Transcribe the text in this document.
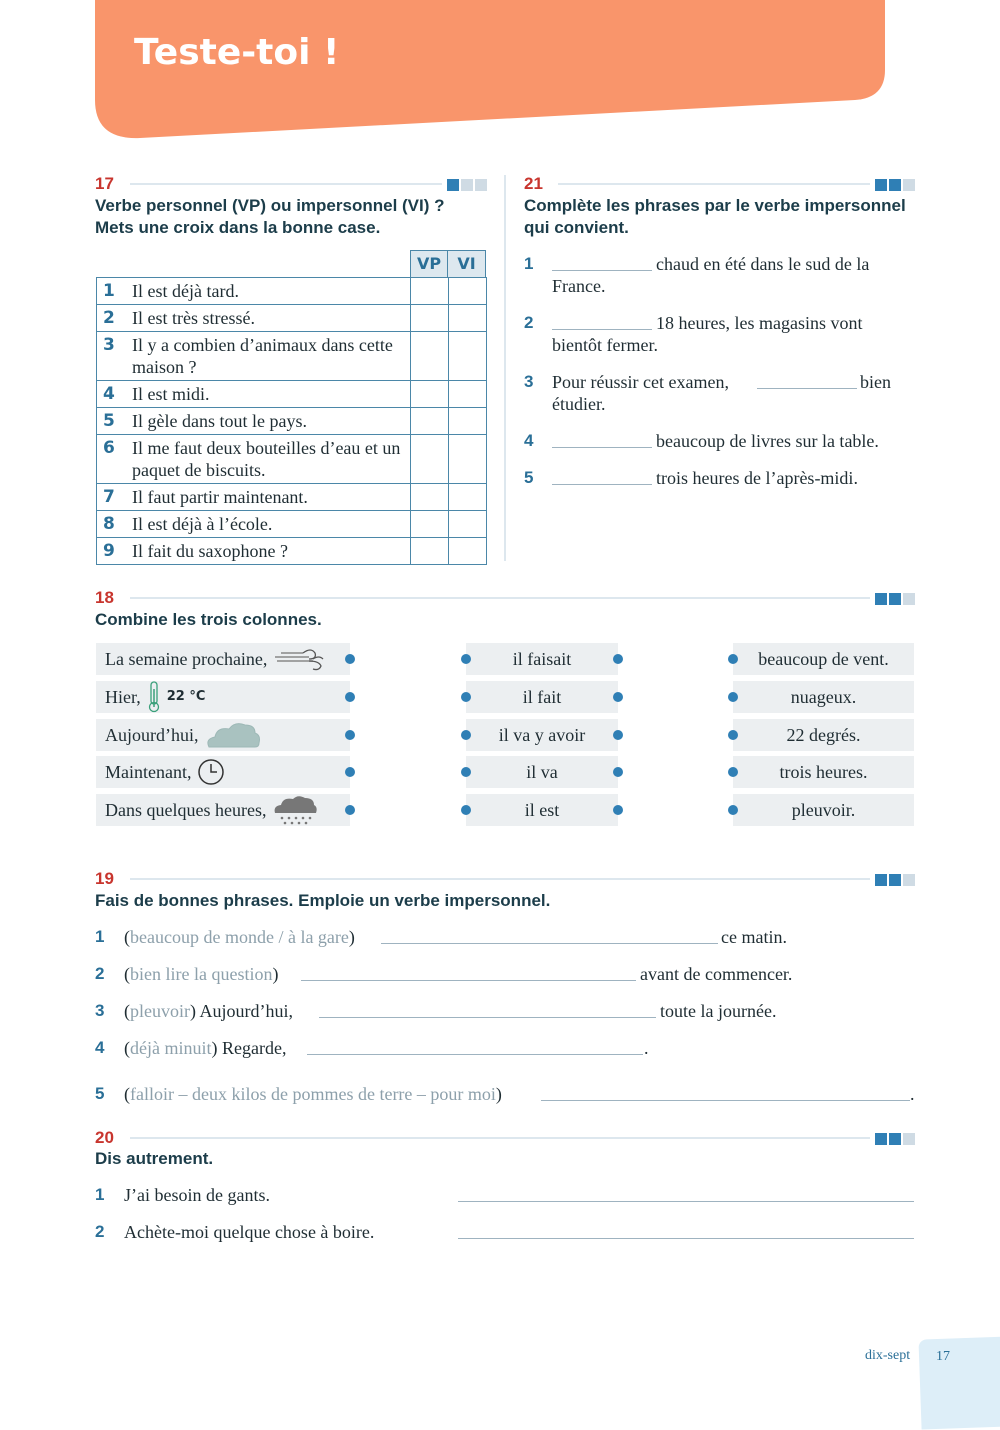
Teste-toi !
17
Verbe personnel (VP) ou impersonnel (VI) ?
Mets une croix dans la bonne case.
VP	VI
1 Il est déjà tard.		

2 Il est très stressé.		

3 Il y a combien d’animaux dans cette maison ?		

4 Il est midi.		

5 Il gèle dans tout le pays.		

6 Il me faut deux bouteilles d’eau et un paquet de biscuits.		

7 Il faut partir maintenant.		

8 Il est déjà à l’école.		

9 Il fait du saxophone ?		

21
Complète les phrases par le verbe impersonnel
qui convient.
1	chaud en été dans le sud de la
France.
2	18 heures, les magasins vont
bientôt fermer.
3 Pour réussir cet examen,	bien
étudier.
4	beaucoup de livres sur la table.
5	trois heures de l’après-midi.
18
Combine les trois colonnes.
La semaine prochaine,	il faisait	beaucoup de vent.
Hier, 22 °C	il fait	nuageux.
Aujourd’hui,	il va y avoir	22 degrés.
Maintenant,	il va	trois heures.
Dans quelques heures,	il est	pleuvoir.
19
Fais de bonnes phrases. Emploie un verbe impersonnel.
1 (beaucoup de monde / à la gare)	ce matin.
2 (bien lire la question)	avant de commencer.
3 (pleuvoir) Aujourd’hui,	toute la journée.
4 (déjà minuit) Regarde,	.
5 (falloir – deux kilos de pommes de terre – pour moi)	.
20
Dis autrement.
1 J’ai besoin de gants.
2 Achète-moi quelque chose à boire.
dix-sept 17
